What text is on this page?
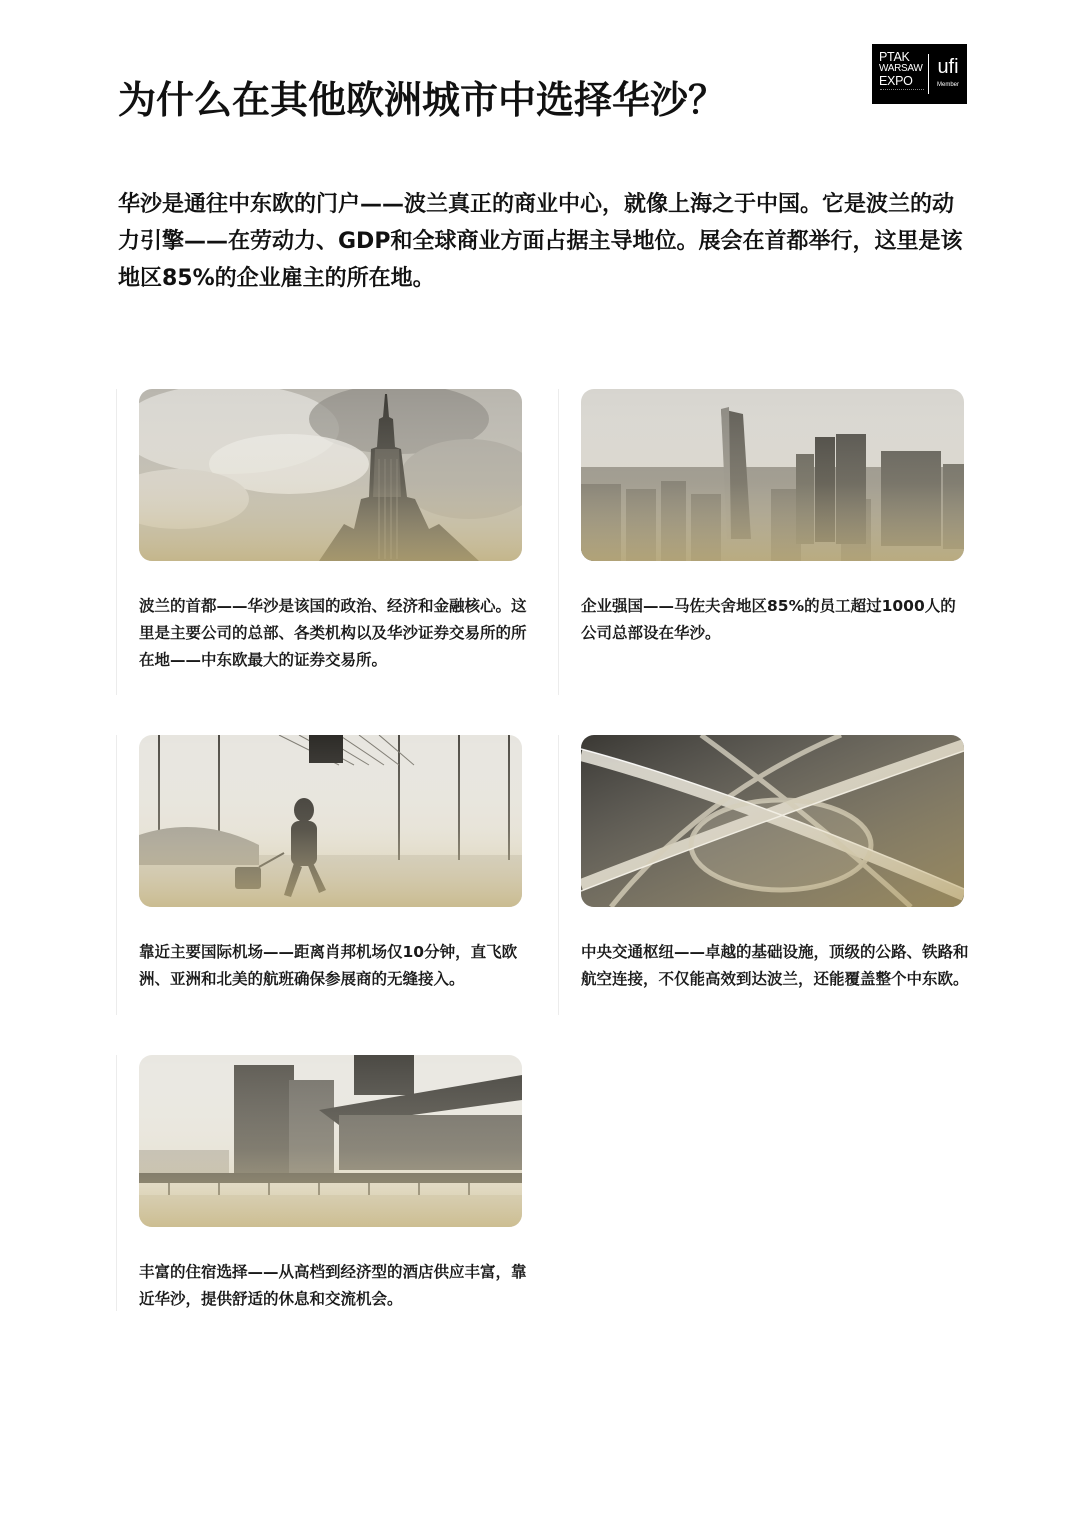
PTAK
WARSAW
EXPO
ufi
Member
为什么在其他欧洲城市中选择华沙？

华沙是通往中东欧的门户——波兰真正的商业中心，就像上海之于中国。它是波兰的动力引擎——在劳动力、GDP和全球商业方面占据主导地位。展会在首都举行，这里是该地区85%的企业雇主的所在地。

波兰的首都——华沙是该国的政治、经济和金融核心。这里是主要公司的总部、各类机构以及华沙证券交易所的所在地——中东欧最大的证券交易所。

企业强国——马佐夫舍地区85%的员工超过1000人的公司总部设在华沙。

靠近主要国际机场——距离肖邦机场仅10分钟，直飞欧洲、亚洲和北美的航班确保参展商的无缝接入。

中央交通枢纽——卓越的基础设施，顶级的公路、铁路和航空连接，不仅能高效到达波兰，还能覆盖整个中东欧。

丰富的住宿选择——从高档到经济型的酒店供应丰富，靠近华沙，提供舒适的休息和交流机会。
